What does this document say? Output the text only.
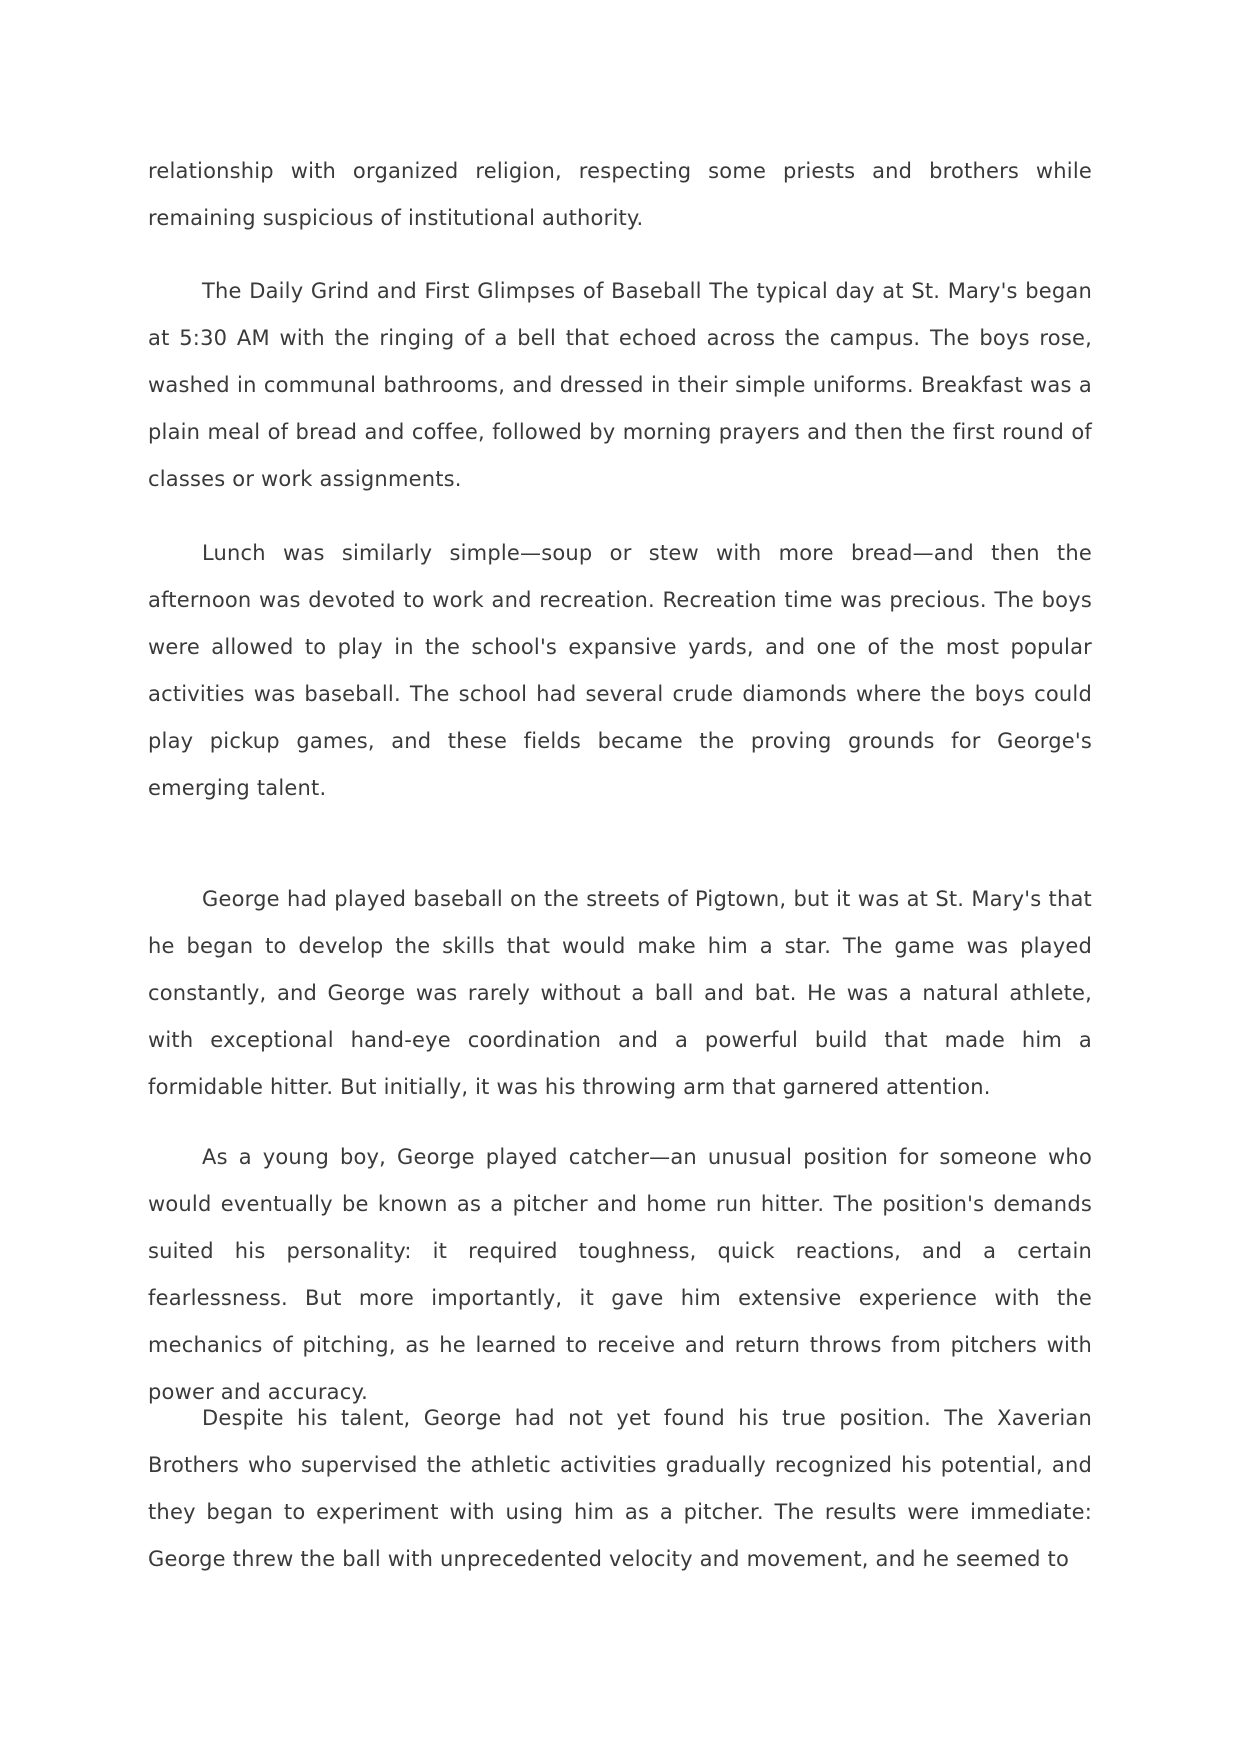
relationship with organized religion, respecting some priests and brothers while remaining suspicious of institutional authority.

The Daily Grind and First Glimpses of Baseball The typical day at St. Mary's began at 5:30 AM with the ringing of a bell that echoed across the campus. The boys rose, washed in communal bathrooms, and dressed in their simple uniforms. Breakfast was a plain meal of bread and coffee, followed by morning prayers and then the first round of classes or work assignments.

Lunch was similarly simple—soup or stew with more bread—and then the afternoon was devoted to work and recreation. Recreation time was precious. The boys were allowed to play in the school's expansive yards, and one of the most popular activities was baseball. The school had several crude diamonds where the boys could play pickup games, and these fields became the proving grounds for George's emerging talent.

George had played baseball on the streets of Pigtown, but it was at St. Mary's that he began to develop the skills that would make him a star. The game was played constantly, and George was rarely without a ball and bat. He was a natural athlete, with exceptional hand-eye coordination and a powerful build that made him a formidable hitter. But initially, it was his throwing arm that garnered attention.

As a young boy, George played catcher—an unusual position for someone who would eventually be known as a pitcher and home run hitter. The position's demands suited his personality: it required toughness, quick reactions, and a certain fearlessness. But more importantly, it gave him extensive experience with the mechanics of pitching, as he learned to receive and return throws from pitchers with power and accuracy.

Despite his talent, George had not yet found his true position. The Xaverian Brothers who supervised the athletic activities gradually recognized his potential, and they began to experiment with using him as a pitcher. The results were immediate: George threw the ball with unprecedented velocity and movement, and he seemed to
